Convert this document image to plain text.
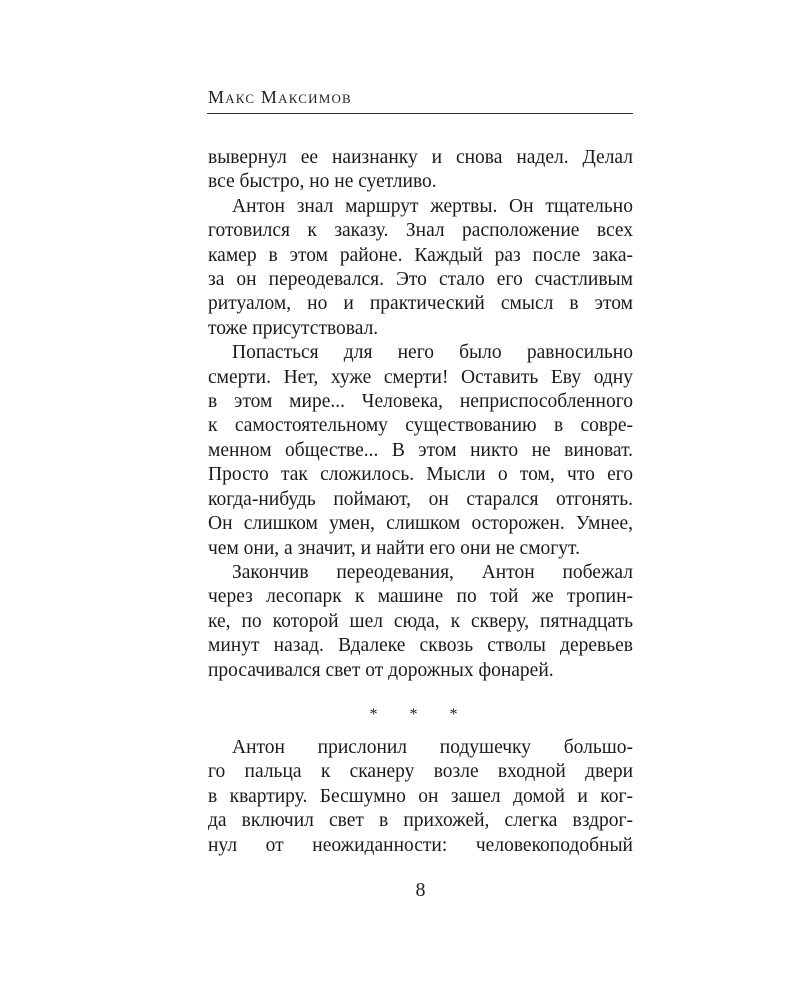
Макс Максимов

вывернул ее наизнанку и снова надел. Делал
все быстро, но не суетливо.

Антон знал маршрут жертвы. Он тщательно
готовился к заказу. Знал расположение всех
камер в этом районе. Каждый раз после зака-
за он переодевался. Это стало его счастливым
ритуалом, но и практический смысл в этом
тоже присутствовал.

Попасться для него было равносильно
смерти. Нет, хуже смерти! Оставить Еву одну
в этом мире... Человека, неприспособленного
к самостоятельному существованию в совре-
менном обществе... В этом никто не виноват.
Просто так сложилось. Мысли о том, что его
когда-нибудь поймают, он старался отгонять.
Он слишком умен, слишком осторожен. Умнее,
чем они, а значит, и найти его они не смогут.

Закончив переодевания, Антон побежал
через лесопарк к машине по той же тропин-
ке, по которой шел сюда, к скверу, пятнадцать
минут назад. Вдалеке сквозь стволы деревьев
просачивался свет от дорожных фонарей.

* * *

Антон прислонил подушечку большо-
го пальца к сканеру возле входной двери
в квартиру. Бесшумно он зашел домой и ког-
да включил свет в прихожей, слегка вздрог-
нул от неожиданности: человекоподобный

8
